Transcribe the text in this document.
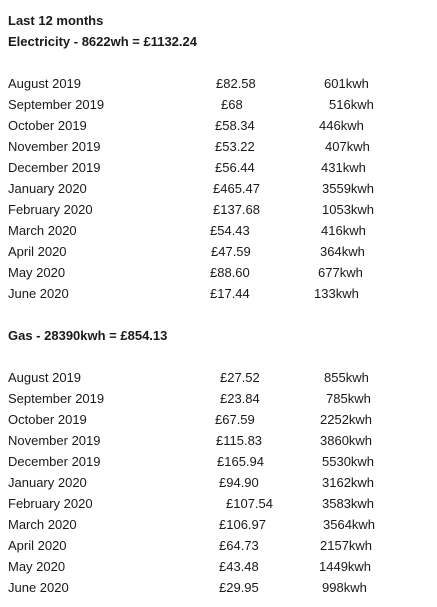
Last 12 months
Electricity - 8622wh = £1132.24
August 2019	£82.58	601kwh
September 2019	£68	516kwh
October 2019	£58.34	446kwh
November 2019	£53.22	407kwh
December 2019	£56.44	431kwh
January 2020	£465.47	3559kwh
February 2020	£137.68	1053kwh
March 2020	£54.43	416kwh
April 2020	£47.59	364kwh
May 2020	£88.60	677kwh
June 2020	£17.44	133kwh
Gas - 28390kwh = £854.13
August 2019	£27.52	855kwh
September 2019	£23.84	785kwh
October 2019	£67.59	2252kwh
November 2019	£115.83	3860kwh
December 2019	£165.94	5530kwh
January 2020	£94.90	3162kwh
February 2020	£107.54	3583kwh
March 2020	£106.97	3564kwh
April 2020	£64.73	2157kwh
May 2020	£43.48	1449kwh
June 2020	£29.95	998kwh
